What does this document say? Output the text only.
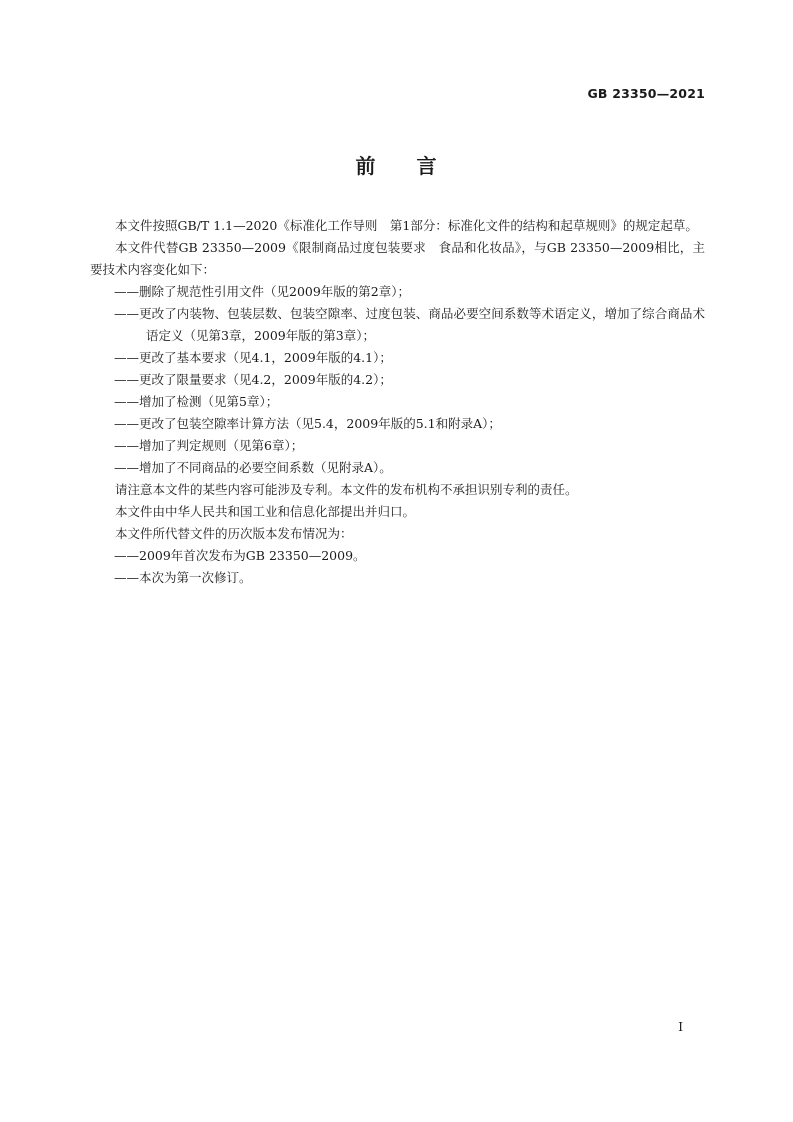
GB 23350—2021
前 言

本文件按照GB/T 1.1—2020《标准化工作导则　第1部分：标准化文件的结构和起草规则》的规定起草。

本文件代替GB 23350—2009《限制商品过度包装要求　食品和化妆品》，与GB 23350—2009相比，主要技术内容变化如下：

——删除了规范性引用文件（见2009年版的第2章）；

——更改了内装物、包装层数、包装空隙率、过度包装、商品必要空间系数等术语定义，增加了综合商品术语定义（见第3章，2009年版的第3章）；

——更改了基本要求（见4.1，2009年版的4.1）；

——更改了限量要求（见4.2，2009年版的4.2）；

——增加了检测（见第5章）；

——更改了包装空隙率计算方法（见5.4，2009年版的5.1和附录A）；

——增加了判定规则（见第6章）；

——增加了不同商品的必要空间系数（见附录A）。

请注意本文件的某些内容可能涉及专利。本文件的发布机构不承担识别专利的责任。

本文件由中华人民共和国工业和信息化部提出并归口。

本文件所代替文件的历次版本发布情况为：

——2009年首次发布为GB 23350—2009。

——本次为第一次修订。

I
